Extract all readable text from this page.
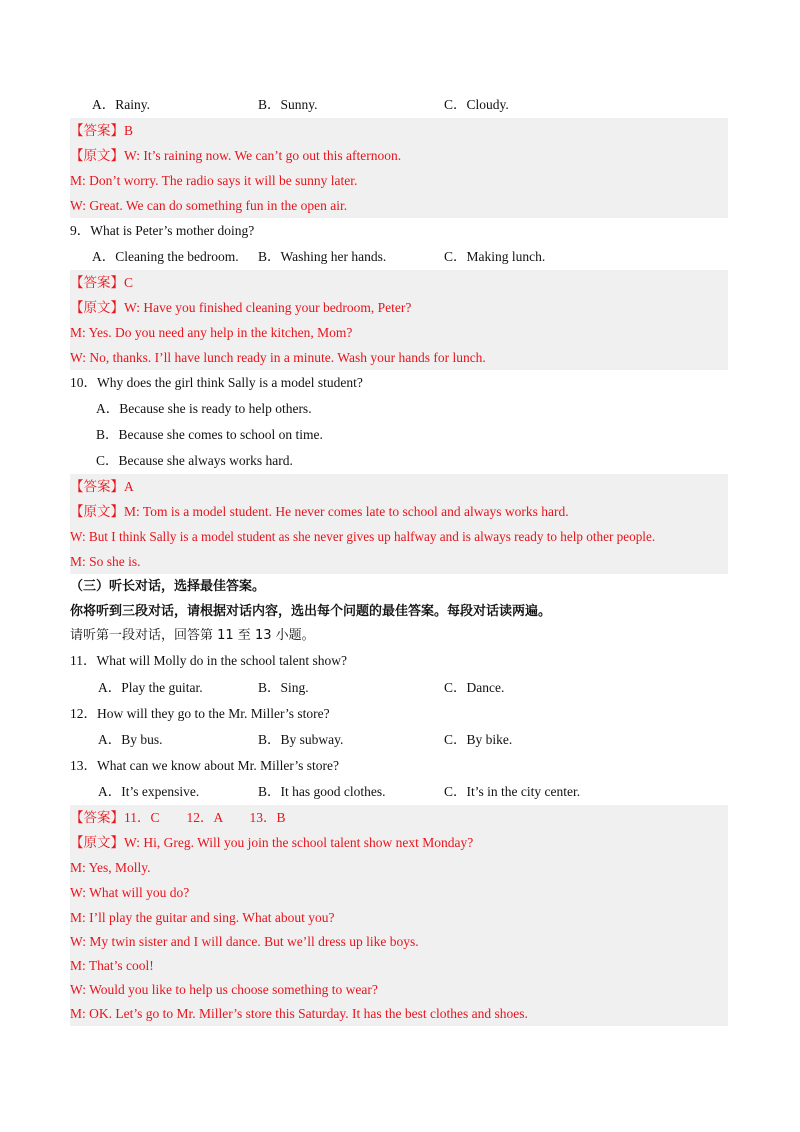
A．Rainy.	B．Sunny.	C．Cloudy.
【答案】B
【原文】W: It’s raining now. We can’t go out this afternoon.
M: Don’t worry. The radio says it will be sunny later.
W: Great. We can do something fun in the open air.
9．What is Peter’s mother doing?
A．Cleaning the bedroom. B．Washing her hands.	C．Making lunch.
【答案】C
【原文】W: Have you finished cleaning your bedroom, Peter?
M: Yes. Do you need any help in the kitchen, Mom?
W: No, thanks. I’ll have lunch ready in a minute. Wash your hands for lunch.
10．Why does the girl think Sally is a model student?
A．Because she is ready to help others.
B．Because she comes to school on time.
C．Because she always works hard.
【答案】A
【原文】M: Tom is a model student. He never comes late to school and always works hard.
W: But I think Sally is a model student as she never gives up halfway and is always ready to help other people.
M: So she is.
（三）听长对话，选择最佳答案。
你将听到三段对话，请根据对话内容，选出每个问题的最佳答案。每段对话读两遍。
请听第一段对话，回答第 11 至 13 小题。
11．What will Molly do in the school talent show?
A．Play the guitar.	B．Sing.	C．Dance.
12．How will they go to the Mr. Miller’s store?
A．By bus.	B．By subway.	C．By bike.
13．What can we know about Mr. Miller’s store?
A．It’s expensive.	B．It has good clothes.	C．It’s in the city center.
【答案】11．C　　12．A　　13．B
【原文】W: Hi, Greg. Will you join the school talent show next Monday?
M: Yes, Molly.
W: What will you do?
M: I’ll play the guitar and sing. What about you?
W: My twin sister and I will dance. But we’ll dress up like boys.
M: That’s cool!
W: Would you like to help us choose something to wear?
M: OK. Let’s go to Mr. Miller’s store this Saturday. It has the best clothes and shoes.
